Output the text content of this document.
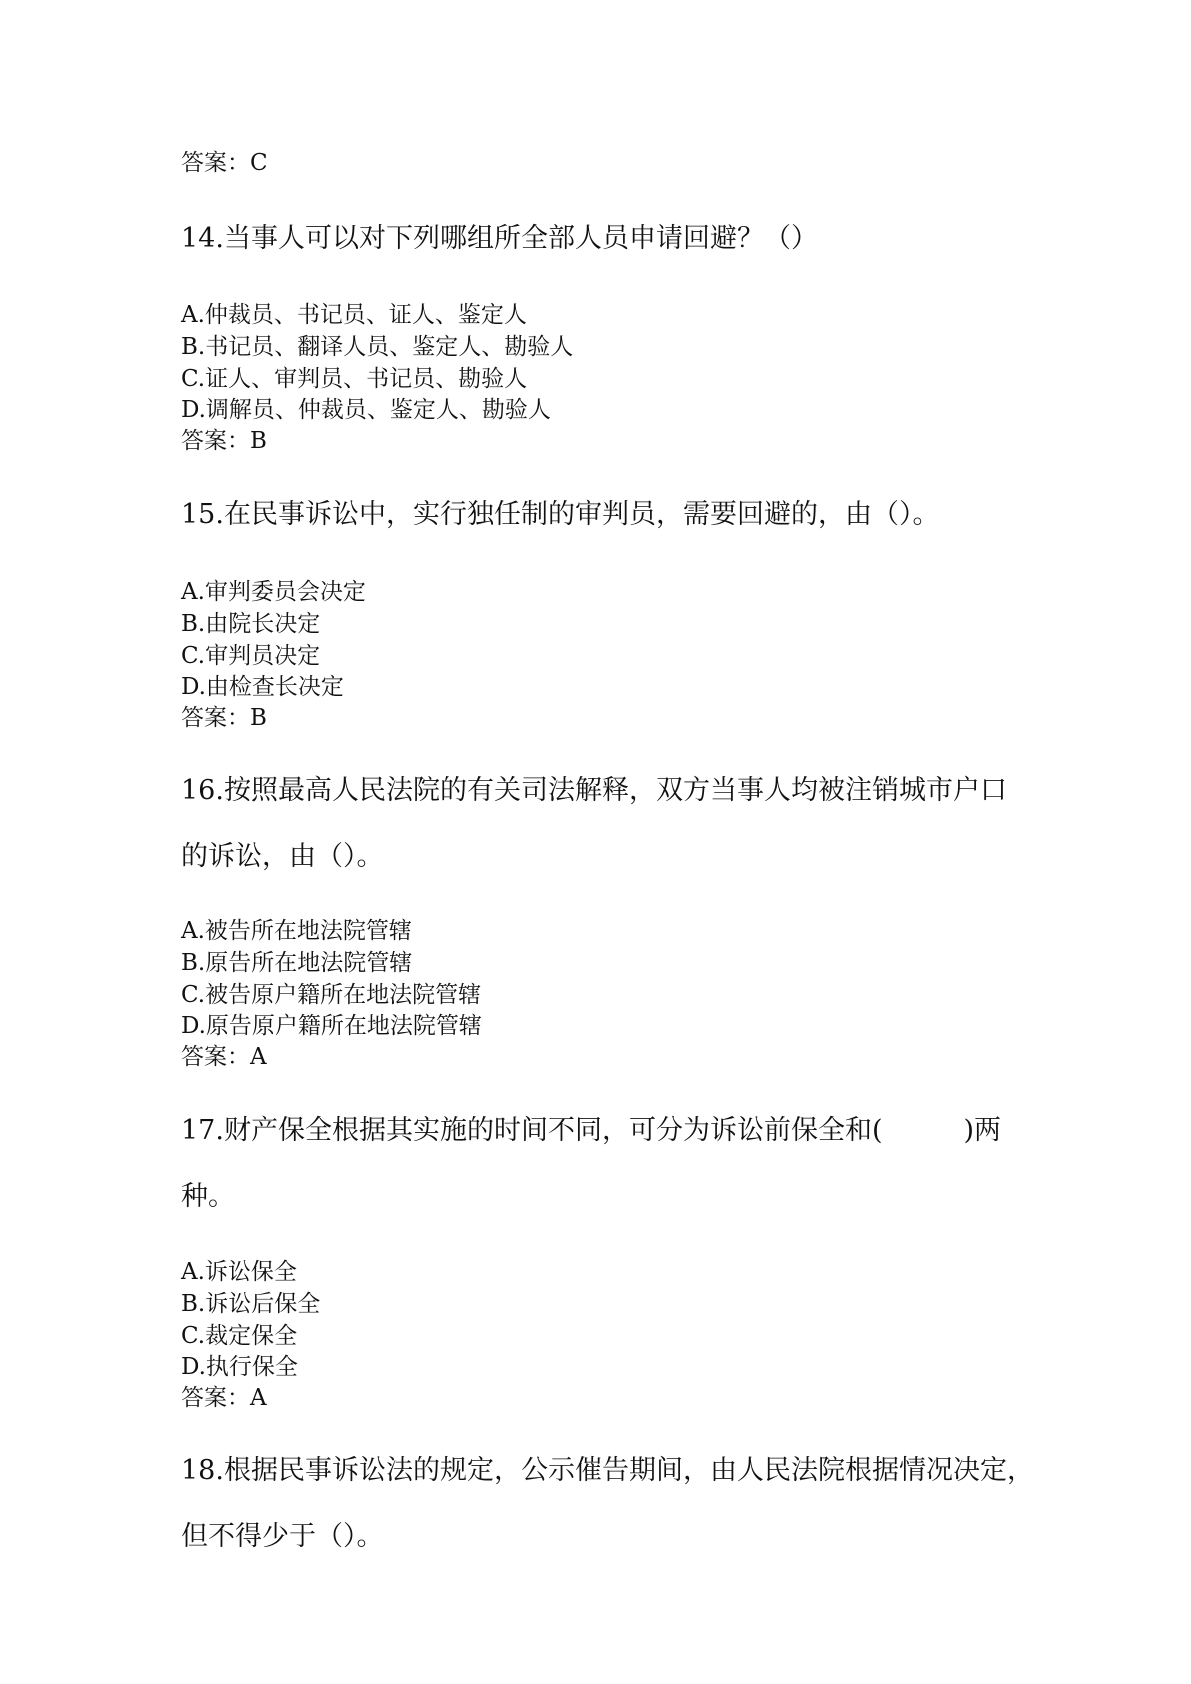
答案：C
14.当事人可以对下列哪组所全部人员申请回避？（）
A.仲裁员、书记员、证人、鉴定人
B.书记员、翻译人员、鉴定人、勘验人
C.证人、审判员、书记员、勘验人
D.调解员、仲裁员、鉴定人、勘验人
答案：B
15.在民事诉讼中，实行独任制的审判员，需要回避的，由（）。
A.审判委员会决定
B.由院长决定
C.审判员决定
D.由检查长决定
答案：B
16.按照最高人民法院的有关司法解释，双方当事人均被注销城市户口
的诉讼，由（）。
A.被告所在地法院管辖
B.原告所在地法院管辖
C.被告原户籍所在地法院管辖
D.原告原户籍所在地法院管辖
答案：A
17.财产保全根据其实施的时间不同，可分为诉讼前保全和(　　　)两
种。
A.诉讼保全
B.诉讼后保全
C.裁定保全
D.执行保全
答案：A
18.根据民事诉讼法的规定，公示催告期间，由人民法院根据情况决定，
但不得少于（）。
